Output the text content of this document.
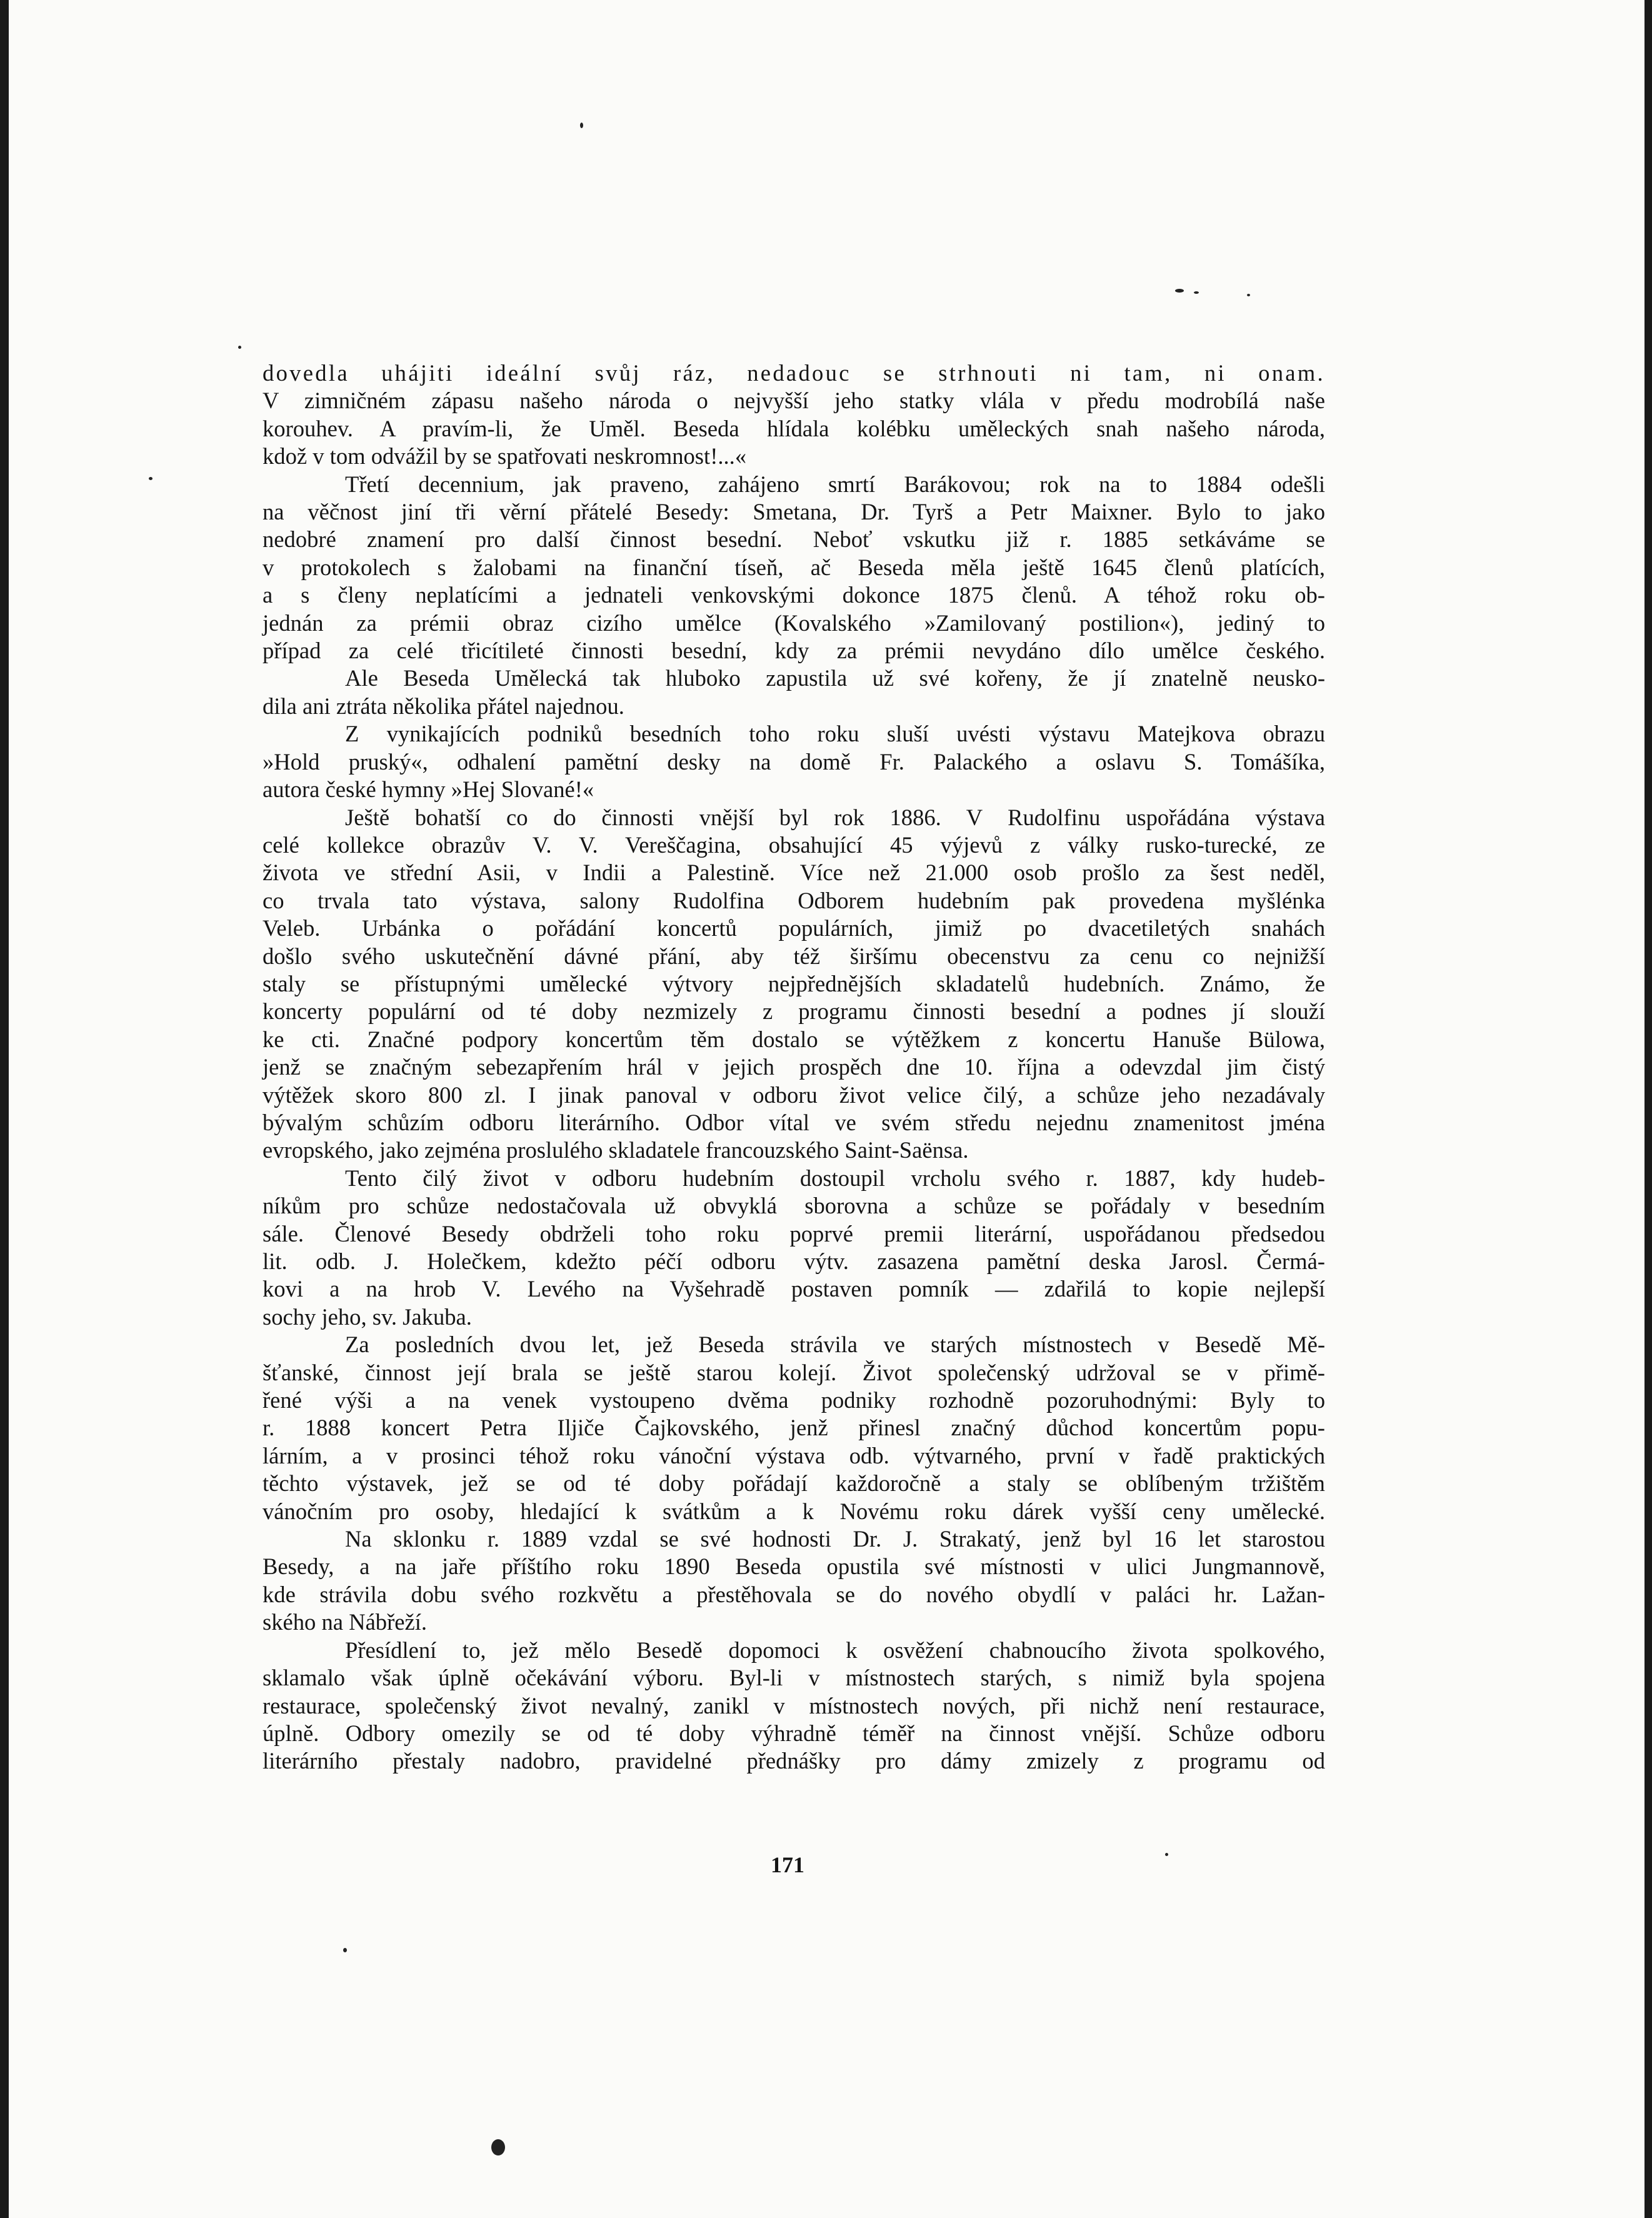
dovedla uhájiti ideální svůj ráz, nedadouc se strhnouti ni tam, ni onam.

V zimničném zápasu našeho národa o nejvyšší jeho statky vlála v předu modrobílá naše

korouhev. A pravím-li, že Uměl. Beseda hlídala kolébku uměleckých snah našeho národa,

kdož v tom odvážil by se spatřovati neskromnost!...«

Třetí decennium, jak praveno, zahájeno smrtí Barákovou; rok na to 1884 odešli

na věčnost jiní tři věrní přátelé Besedy: Smetana, Dr. Tyrš a Petr Maixner. Bylo to jako

nedobré znamení pro další činnost besední. Neboť vskutku již r. 1885 setkáváme se

v protokolech s žalobami na finanční tíseň, ač Beseda měla ještě 1645 členů platících,

a s členy neplatícími a jednateli venkovskými dokonce 1875 členů. A téhož roku ob-

jednán za prémii obraz cizího umělce (Kovalského »Zamilovaný postilion«), jediný to

případ za celé třicítileté činnosti besední, kdy za prémii nevydáno dílo umělce českého.

Ale Beseda Umělecká tak hluboko zapustila už své kořeny, že jí znatelně neusko-

dila ani ztráta několika přátel najednou.

Z vynikajících podniků besedních toho roku sluší uvésti výstavu Matejkova obrazu

»Hold pruský«, odhalení pamětní desky na domě Fr. Palackého a oslavu S. Tomášíka,

autora české hymny »Hej Slované!«

Ještě bohatší co do činnosti vnější byl rok 1886. V Rudolfinu uspořádána výstava

celé kollekce obrazův V. V. Vereščagina, obsahující 45 výjevů z války rusko-turecké, ze

života ve střední Asii, v Indii a Palestině. Více než 21.000 osob prošlo za šest neděl,

co trvala tato výstava, salony Rudolfina Odborem hudebním pak provedena myšlénka

Veleb. Urbánka o pořádání koncertů populárních, jimiž po dvacetiletých snahách

došlo svého uskutečnění dávné přání, aby též širšímu obecenstvu za cenu co nejnižší

staly se přístupnými umělecké výtvory nejpřednějších skladatelů hudebních. Známo, že

koncerty populární od té doby nezmizely z programu činnosti besední a podnes jí slouží

ke cti. Značné podpory koncertům těm dostalo se výtěžkem z koncertu Hanuše Bülowa,

jenž se značným sebezapřením hrál v jejich prospěch dne 10. října a odevzdal jim čistý

výtěžek skoro 800 zl. I jinak panoval v odboru život velice čilý, a schůze jeho nezadávaly

bývalým schůzím odboru literárního. Odbor vítal ve svém středu nejednu znamenitost jména

evropského, jako zejména proslulého skladatele francouzského Saint-Saënsa.

Tento čilý život v odboru hudebním dostoupil vrcholu svého r. 1887, kdy hudeb-

níkům pro schůze nedostačovala už obvyklá sborovna a schůze se pořádaly v besedním

sále. Členové Besedy obdrželi toho roku poprvé premii literární, uspořádanou předsedou

lit. odb. J. Holečkem, kdežto péčí odboru výtv. zasazena pamětní deska Jarosl. Čermá-

kovi a na hrob V. Levého na Vyšehradě postaven pomník — zdařilá to kopie nejlepší

sochy jeho, sv. Jakuba.

Za posledních dvou let, jež Beseda strávila ve starých místnostech v Besedě Mě-

šťanské, činnost její brala se ještě starou kolejí. Život společenský udržoval se v přimě-

řené výši a na venek vystoupeno dvěma podniky rozhodně pozoruhodnými: Byly to

r. 1888 koncert Petra Iljiče Čajkovského, jenž přinesl značný důchod koncertům popu-

lárním, a v prosinci téhož roku vánoční výstava odb. výtvarného, první v řadě praktických

těchto výstavek, jež se od té doby pořádají každoročně a staly se oblíbeným tržištěm

vánočním pro osoby, hledající k svátkům a k Novému roku dárek vyšší ceny umělecké.

Na sklonku r. 1889 vzdal se své hodnosti Dr. J. Strakatý, jenž byl 16 let starostou

Besedy, a na jaře příštího roku 1890 Beseda opustila své místnosti v ulici Jungmannově,

kde strávila dobu svého rozkvětu a přestěhovala se do nového obydlí v paláci hr. Lažan-

ského na Nábřeží.

Přesídlení to, jež mělo Besedě dopomoci k osvěžení chabnoucího života spolkového,

sklamalo však úplně očekávání výboru. Byl-li v místnostech starých, s nimiž byla spojena

restaurace, společenský život nevalný, zanikl v místnostech nových, při nichž není restaurace,

úplně. Odbory omezily se od té doby výhradně téměř na činnost vnější. Schůze odboru

literárního přestaly nadobro, pravidelné přednášky pro dámy zmizely z programu od

171
